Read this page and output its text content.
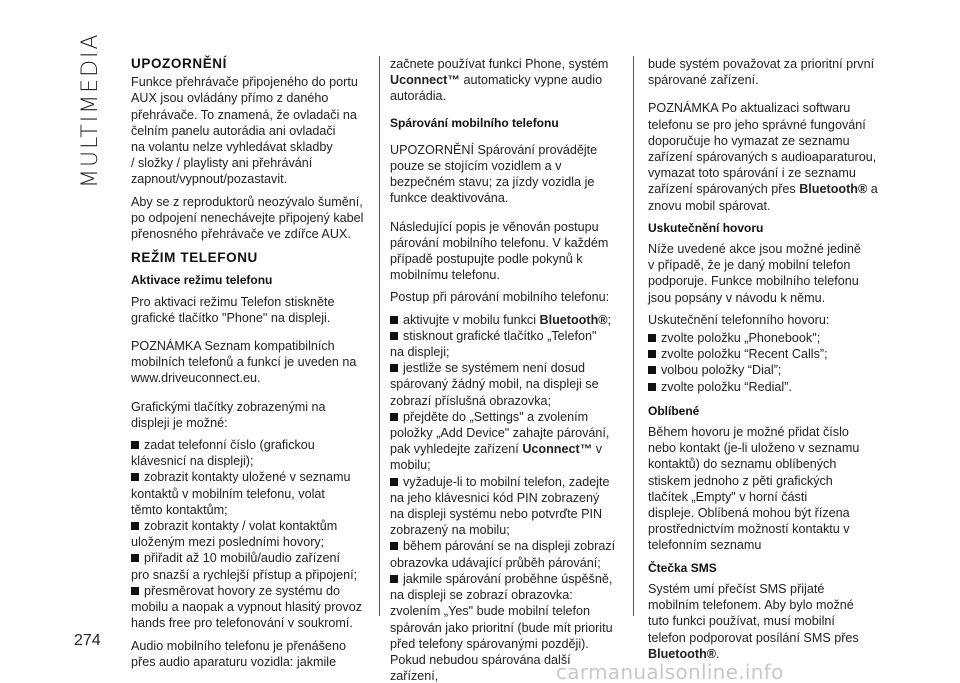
MULTIMEDIA
274
UPOZORNĚNÍ
Funkce přehrávače připojeného do portu
AUX jsou ovládány přímo z daného
přehrávače. To znamená, že ovladači na
čelním panelu autorádia ani ovladači
na volantu nelze vyhledávat skladby
/ složky / playlisty ani přehrávání
zapnout/vypnout/pozastavit.
Aby se z reproduktorů neozývalo šumění,
po odpojení nenechávejte připojený kabel
přenosného přehrávače ve zdířce AUX.
REŽIM TELEFONU
Aktivace režimu telefonu
Pro aktivaci režimu Telefon stiskněte
grafické tlačítko "Phone" na displeji.
POZNÁMKA Seznam kompatibilních
mobilních telefonů a funkcí je uveden na
www.driveuconnect.eu.
Grafickými tlačítky zobrazenými na
displeji je možné:
zadat telefonní číslo (grafickou
klávesnicí na displeji);
zobrazit kontakty uložené v seznamu
kontaktů v mobilním telefonu, volat
těmto kontaktům;
zobrazit kontakty / volat kontaktům
uloženým mezi posledními hovory;
přiřadit až 10 mobilů/audio zařízení
pro snazší a rychlejší přístup a připojení;
přesměrovat hovory ze systému do
mobilu a naopak a vypnout hlasitý provoz
hands free pro telefonování v soukromí.
Audio mobilního telefonu je přenášeno
přes audio aparaturu vozidla: jakmile
začnete používat funkci Phone, systém
Uconnect™ automaticky vypne audio
autorádia.
Spárování mobilního telefonu
UPOZORNĚNÍ Spárování provádějte
pouze se stojícím vozidlem a v
bezpečném stavu; za jízdy vozidla je
funkce deaktivována.
Následující popis je věnován postupu
párování mobilního telefonu. V každém
případě postupujte podle pokynů k
mobilnímu telefonu.
Postup při párování mobilního telefonu:
aktivujte v mobilu funkci Bluetooth®;
stisknout grafické tlačítko „Telefon"
na displeji;
jestliže se systémem není dosud
spárovaný žádný mobil, na displeji se
zobrazí příslušná obrazovka;
přejděte do „Settings" a zvolením
položky „Add Device" zahajte párování,
pak vyhledejte zařízení Uconnect™ v
mobilu;
vyžaduje-li to mobilní telefon, zadejte
na jeho klávesnici kód PIN zobrazený
na displeji systému nebo potvrďte PIN
zobrazený na mobilu;
během párování se na displeji zobrazí
obrazovka udávající průběh párování;
jakmile spárování proběhne úspěšně,
na displeji se zobrazí obrazovka:
zvolením „Yes" bude mobilní telefon
spárován jako prioritní (bude mít prioritu
před telefony spárovanými později).
Pokud nebudou spárována další zařízení,
bude systém považovat za prioritní první
spárované zařízení.
POZNÁMKA Po aktualizaci softwaru
telefonu se pro jeho správné fungování
doporučuje ho vymazat ze seznamu
zařízení spárovaných s audioaparaturou,
vymazat toto spárování i ze seznamu
zařízení spárovaných přes Bluetooth® a
znovu mobil spárovat.
Uskutečnění hovoru
Níže uvedené akce jsou možné jedině
v případě, že je daný mobilní telefon
podporuje. Funkce mobilního telefonu
jsou popsány v návodu k němu.
Uskutečnění telefonního hovoru:
zvolte položku „Phonebook";
zvolte položku “Recent Calls”;
volbou položky “Dial”;
zvolte položku “Redial”.
Oblíbené
Během hovoru je možné přidat číslo
nebo kontakt (je-li uloženo v seznamu
kontaktů) do seznamu oblíbených
stiskem jednoho z pěti grafických
tlačítek „Empty" v horní části
displeje. Oblíbená mohou být řízena
prostřednictvím možností kontaktu v
telefonním seznamu
Čtečka SMS
Systém umí přečíst SMS přijaté
mobilním telefonem. Aby bylo možné
tuto funkci používat, musí mobilní
telefon podporovat posílání SMS přes
Bluetooth®.
carmanualsonline.info
